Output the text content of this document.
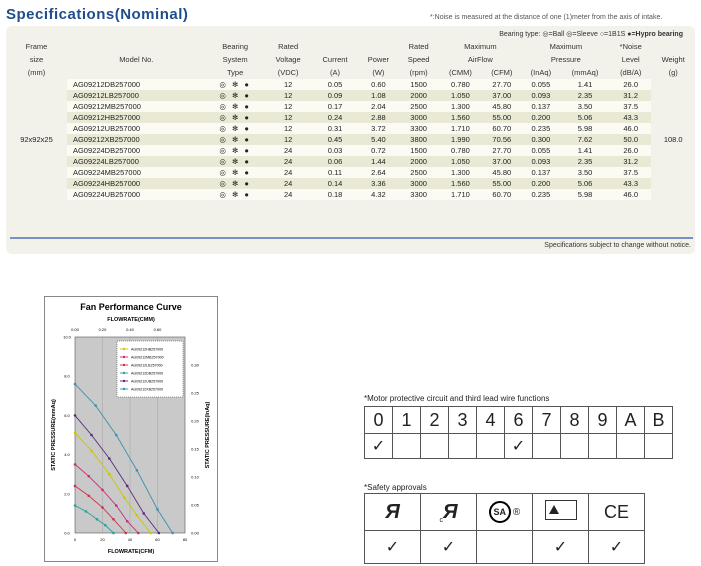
Specifications(Nominal)	*:Noise is measured at the distance of one (1)meter from the axis of intake.
Bearing type: ◎=Ball ◎=Sleeve ○=1B1S ●=Hypro bearing
Frame		Bearing	Rated			Rated	Maximum		Maximum		*Noise	
size	Model No.	System	Voltage	Current	Power	Speed	AirFlow		Pressure		Level	Weight
(mm)		Type	(VDC)	(A)	(W)	(rpm)	(CMM)	(CFM)	(InAq)	(mmAq)	(dB/A)	(g)
92x92x25	AG09212DB257000	◎ ✻ ●	12	0.05	0.60	1500	0.780	27.70	0.055	1.41	26.0	108.0
	AG09212LB257000	◎ ✻ ●	12	0.09	1.08	2000	1.050	37.00	0.093	2.35	31.2	
	AG09212MB257000	◎ ✻ ●	12	0.17	2.04	2500	1.300	45.80	0.137	3.50	37.5	
	AG09212HB257000	◎ ✻ ●	12	0.24	2.88	3000	1.560	55.00	0.200	5.06	43.3	
	AG09212UB257000	◎ ✻ ●	12	0.31	3.72	3300	1.710	60.70	0.235	5.98	46.0	
	AG09212XB257000	◎ ✻ ●	12	0.45	5.40	3800	1.990	70.56	0.300	7.62	50.0	
	AG09224DB257000	◎ ✻ ●	24	0.03	0.72	1500	0.780	27.70	0.055	1.41	26.0	
	AG09224LB257000	◎ ✻ ●	24	0.06	1.44	2000	1.050	37.00	0.093	2.35	31.2	
	AG09224MB257000	◎ ✻ ●	24	0.11	2.64	2500	1.300	45.80	0.137	3.50	37.5	
	AG09224HB257000	◎ ✻ ●	24	0.14	3.36	3000	1.560	55.00	0.200	5.06	43.3	
	AG09224UB257000	◎ ✻ ●	24	0.18	4.32	3300	1.710	60.70	0.235	5.98	46.0	
Specifications subject to change without notice.
Fan Performance Curve
FLOWRATE(CMM)
0	20	40	60	80
0.00	0.20	0.40	0.60
0.0
2.0
4.0
6.0
8.0
10.0
0.00
0.05
0.10
0.15
0.20
0.25
0.30
FLOWRATE(CFM)
STATIC PRESSURE(mmAq)	STATIC PRESSURE(InAq)
AG09212HB257000
AG09212MB257000
AG09212LB257000
AG09212DB257000
AG09212UB257000
AG09212XB257000
*Motor protective circuit and third lead wire functions
0	1	2	3	4	6	7	8	9	A	B
✓					✓					
*Safety approvals
Я	cЯ	SA ®		CE
✓	✓		✓	✓
